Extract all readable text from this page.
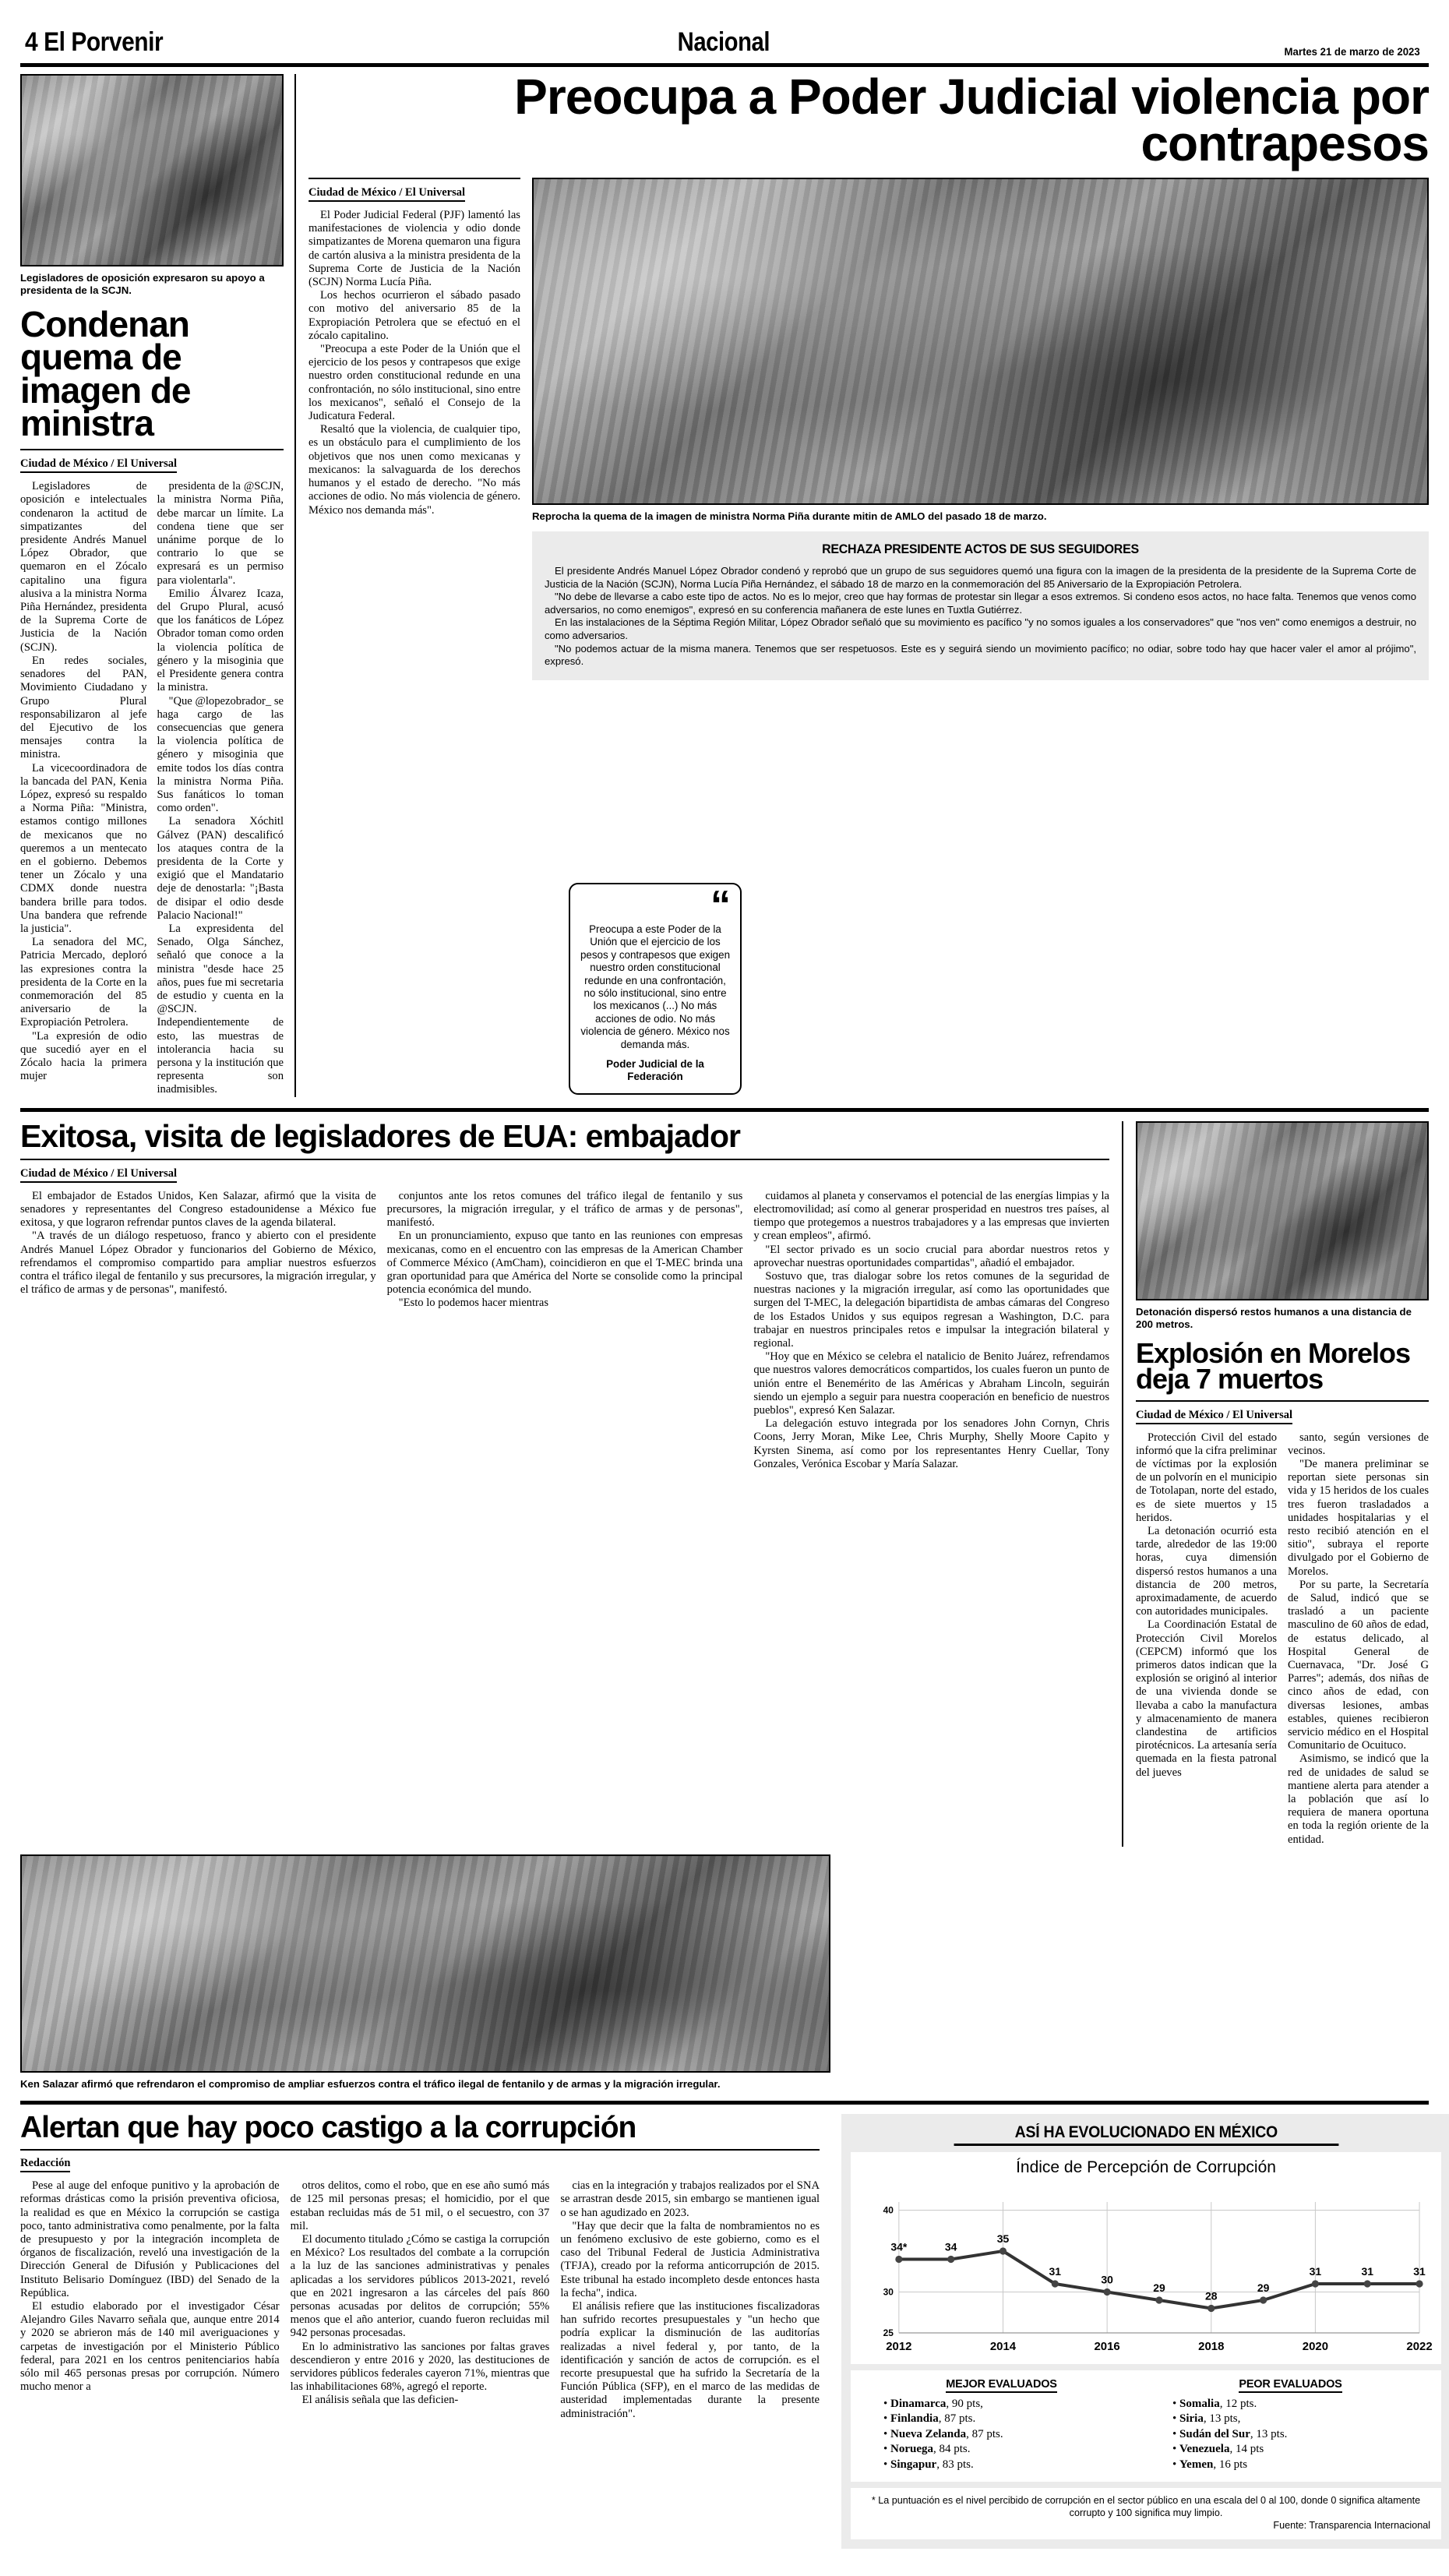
4 El Porvenir	Nacional	Martes 21 de marzo de 2023
Legisladores de oposición expresaron su apoyo a presidenta de la SCJN.
Condenan quema de imagen de ministra
Ciudad de México / El Universal

Legisladores de oposición e intelectuales condenaron la actitud de simpatizantes del presidente Andrés Manuel López Obrador, que quemaron en el Zócalo capitalino una figura alusiva a la ministra Norma Piña Hernández, presidenta de la Suprema Corte de Justicia de la Nación (SCJN).

En redes sociales, senadores del PAN, Movimiento Ciudadano y Grupo Plural responsabilizaron al jefe del Ejecutivo de los mensajes contra la ministra.

La vicecoordinadora de la bancada del PAN, Kenia López, expresó su respaldo a Norma Piña: "Ministra, estamos contigo millones de mexicanos que no queremos a un mentecato en el gobierno. Debemos tener un Zócalo y una CDMX donde nuestra bandera brille para todos. Una bandera que refrende la justicia".

La senadora del MC, Patricia Mercado, deploró las expresiones contra la presidenta de la Corte en la conmemoración del 85 aniversario de la Expropiación Petrolera.

"La expresión de odio que sucedió ayer en el Zócalo hacia la primera mujer

presidenta de la @SCJN, la ministra Norma Piña, debe marcar un límite. La condena tiene que ser unánime porque de lo contrario lo que se expresará es un permiso para violentarla".

Emilio Álvarez Icaza, del Grupo Plural, acusó que los fanáticos de López Obrador toman como orden la violencia política de género y la misoginia que el Presidente genera contra la ministra.

"Que @lopezobrador_ se haga cargo de las consecuencias que genera la violencia política de género y misoginia que emite todos los días contra la ministra Norma Piña. Sus fanáticos lo toman como orden".

La senadora Xóchitl Gálvez (PAN) descalificó los ataques contra de la presidenta de la Corte y exigió que el Mandatario deje de denostarla: "¡Basta de disipar el odio desde Palacio Nacional!"

La expresidenta del Senado, Olga Sánchez, señaló que conoce a la ministra "desde hace 25 años, pues fue mi secretaria de estudio y cuenta en la @SCJN. Independientemente de esto, las muestras de intolerancia hacia su persona y la institución que representa son inadmisibles.

Preocupa a Poder Judicial violencia por contrapesos
Ciudad de México / El Universal

El Poder Judicial Federal (PJF) lamentó las manifestaciones de violencia y odio donde simpatizantes de Morena quemaron una figura de cartón alusiva a la ministra presidenta de la Suprema Corte de Justicia de la Nación (SCJN) Norma Lucía Piña.

Los hechos ocurrieron el sábado pasado con motivo del aniversario 85 de la Expropiación Petrolera que se efectuó en el zócalo capitalino.

"Preocupa a este Poder de la Unión que el ejercicio de los pesos y contrapesos que exige nuestro orden constitucional redunde en una confrontación, no sólo institucional, sino entre los mexicanos", señaló el Consejo de la Judicatura Federal.

Resaltó que la violencia, de cualquier tipo, es un obstáculo para el cumplimiento de los objetivos que nos unen como mexicanas y mexicanos: la salvaguarda de los derechos humanos y el estado de derecho. "No más acciones de odio. No más violencia de género. México nos demanda más".

Reprocha la quema de la imagen de ministra Norma Piña durante mitin de AMLO del pasado 18 de marzo.
RECHAZA PRESIDENTE ACTOS DE SUS SEGUIDORES

El presidente Andrés Manuel López Obrador condenó y reprobó que un grupo de sus seguidores quemó una figura con la imagen de la presidenta de la presidente de la Suprema Corte de Justicia de la Nación (SCJN), Norma Lucía Piña Hernández, el sábado 18 de marzo en la conmemoración del 85 Aniversario de la Expropiación Petrolera.

"No debe de llevarse a cabo este tipo de actos. No es lo mejor, creo que hay formas de protestar sin llegar a esos extremos. Si condeno esos actos, no hace falta. Tenemos que venos como adversarios, no como enemigos", expresó en su conferencia mañanera de este lunes en Tuxtla Gutiérrez.

En las instalaciones de la Séptima Región Militar, López Obrador señaló que su movimiento es pacífico "y no somos iguales a los conservadores" que "nos ven" como enemigos a destruir, no como adversarios.

"No podemos actuar de la misma manera. Tenemos que ser respetuosos. Este es y seguirá siendo un movimiento pacífico; no odiar, sobre todo hay que hacer valer el amor al prójimo", expresó.

“
Preocupa a este Poder de la Unión que el ejercicio de los pesos y contrapesos que exigen nuestro orden constitucional redunde en una confrontación, no sólo institucional, sino entre los mexicanos (...) No más acciones de odio. No más violencia de género. México nos demanda más.
Poder Judicial de la Federación
Exitosa, visita de legisladores de EUA: embajador
Ciudad de México / El Universal

El embajador de Estados Unidos, Ken Salazar, afirmó que la visita de senadores y representantes del Congreso estadounidense a México fue exitosa, y que lograron refrendar puntos claves de la agenda bilateral.

"A través de un diálogo respetuoso, franco y abierto con el presidente Andrés Manuel López Obrador y funcionarios del Gobierno de México, refrendamos el compromiso compartido para ampliar nuestros esfuerzos contra el tráfico ilegal de fentanilo y sus precursores, la migración irregular, y el tráfico de armas y de personas", manifestó.

conjuntos ante los retos comunes del tráfico ilegal de fentanilo y sus precursores, la migración irregular, y el tráfico de armas y de personas", manifestó.

En un pronunciamiento, expuso que tanto en las reuniones con empresas mexicanas, como en el encuentro con las empresas de la American Chamber of Commerce México (AmCham), coincidieron en que el T-MEC brinda una gran oportunidad para que América del Norte se consolide como la principal potencia económica del mundo.

"Esto lo podemos hacer mientras

cuidamos al planeta y conservamos el potencial de las energías limpias y la electromovilidad; así como al generar prosperidad en nuestros tres países, al tiempo que protegemos a nuestros trabajadores y a las empresas que invierten y crean empleos", afirmó.

"El sector privado es un socio crucial para abordar nuestros retos y aprovechar nuestras oportunidades compartidas", añadió el embajador.

Sostuvo que, tras dialogar sobre los retos comunes de la seguridad de nuestras naciones y la migración irregular, así como las oportunidades que surgen del T-MEC, la delegación bipartidista de ambas cámaras del Congreso de los Estados Unidos y sus equipos regresan a Washington, D.C. para trabajar en nuestros principales retos e impulsar la integración bilateral y regional.

"Hoy que en México se celebra el natalicio de Benito Juárez, refrendamos que nuestros valores democráticos compartidos, los cuales fueron un punto de unión entre el Benemérito de las Américas y Abraham Lincoln, seguirán siendo un ejemplo a seguir para nuestra cooperación en beneficio de nuestros pueblos", expresó Ken Salazar.

La delegación estuvo integrada por los senadores John Cornyn, Chris Coons, Jerry Moran, Mike Lee, Chris Murphy, Shelly Moore Capito y Kyrsten Sinema, así como por los representantes Henry Cuellar, Tony Gonzales, Verónica Escobar y María Salazar.

Detonación dispersó restos humanos a una distancia de 200 metros.
Explosión en Morelos deja 7 muertos
Ciudad de México / El Universal

Protección Civil del estado informó que la cifra preliminar de víctimas por la explosión de un polvorín en el municipio de Totolapan, norte del estado, es de siete muertos y 15 heridos.

La detonación ocurrió esta tarde, alrededor de las 19:00 horas, cuya dimensión dispersó restos humanos a una distancia de 200 metros, aproximadamente, de acuerdo con autoridades municipales.

La Coordinación Estatal de Protección Civil Morelos (CEPCM) informó que los primeros datos indican que la explosión se originó al interior de una vivienda donde se llevaba a cabo la manufactura y almacenamiento de manera clandestina de artificios pirotécnicos. La artesanía sería quemada en la fiesta patronal del jueves

santo, según versiones de vecinos.

"De manera preliminar se reportan siete personas sin vida y 15 heridos de los cuales tres fueron trasladados a unidades hospitalarias y el resto recibió atención en el sitio", subraya el reporte divulgado por el Gobierno de Morelos.

Por su parte, la Secretaría de Salud, indicó que se trasladó a un paciente masculino de 60 años de edad, de estatus delicado, al Hospital General de Cuernavaca, "Dr. José G Parres"; además, dos niñas de cinco años de edad, con diversas lesiones, ambas estables, quienes recibieron servicio médico en el Hospital Comunitario de Ocuituco.

Asimismo, se indicó que la red de unidades de salud se mantiene alerta para atender a la población que así lo requiera de manera oportuna en toda la región oriente de la entidad.

Ken Salazar afirmó que refrendaron el compromiso de ampliar esfuerzos contra el tráfico ilegal de fentanilo y de armas y la migración irregular.
Alertan que hay poco castigo a la corrupción
Redacción

Pese al auge del enfoque punitivo y la aprobación de reformas drásticas como la prisión preventiva oficiosa, la realidad es que en México la corrupción se castiga poco, tanto administrativa como penalmente, por la falta de presupuesto y por la integración incompleta de órganos de fiscalización, reveló una investigación de la Dirección General de Difusión y Publicaciones del Instituto Belisario Domínguez (IBD) del Senado de la República.

El estudio elaborado por el investigador César Alejandro Giles Navarro señala que, aunque entre 2014 y 2020 se abrieron más de 140 mil averiguaciones y carpetas de investigación por el Ministerio Público federal, para 2021 en los centros penitenciarios había sólo mil 465 personas presas por corrupción. Número mucho menor a

otros delitos, como el robo, que en ese año sumó más de 125 mil personas presas; el homicidio, por el que estaban recluidas más de 51 mil, o el secuestro, con 37 mil.

El documento titulado ¿Cómo se castiga la corrupción en México? Los resultados del combate a la corrupción a la luz de las sanciones administrativas y penales aplicadas a los servidores públicos 2013-2021, reveló que en 2021 ingresaron a las cárceles del país 860 personas acusadas por delitos de corrupción; 55% menos que el año anterior, cuando fueron recluidas mil 942 personas procesadas.

En lo administrativo las sanciones por faltas graves descendieron y entre 2016 y 2020, las destituciones de servidores públicos federales cayeron 71%, mientras que las inhabilitaciones 68%, agregó el reporte.

El análisis señala que las deficien-

cias en la integración y trabajos realizados por el SNA se arrastran desde 2015, sin embargo se mantienen igual o se han agudizado en 2023.

"Hay que decir que la falta de nombramientos no es un fenómeno exclusivo de este gobierno, como es el caso del Tribunal Federal de Justicia Administrativa (TFJA), creado por la reforma anticorrupción de 2015. Este tribunal ha estado incompleto desde entonces hasta la fecha", indica.

El análisis refiere que las instituciones fiscalizadoras han sufrido recortes presupuestales y "un hecho que podría explicar la disminución de las auditorías realizadas a nivel federal y, por tanto, de la identificación y sanción de actos de corrupción. es el recorte presupuestal que ha sufrido la Secretaría de la Función Pública (SFP), en el marco de las medidas de austeridad implementadas durante la presente administración".

ASÍ HA EVOLUCIONADO EN MÉXICO
Índice de Percepción de Corrupción
25
30
40
2012	2014	2016	2018	2020	2022
34*	34
35
31
30
29
28
29
31	31	31
MEJOR EVALUADOS
• Dinamarca, 90 pts,
• Finlandia, 87 pts.
• Nueva Zelanda, 87 pts.
• Noruega, 84 pts.
• Singapur, 83 pts.
PEOR EVALUADOS
• Somalia, 12 pts.
• Siria, 13 pts,
• Sudán del Sur, 13 pts.
• Venezuela, 14 pts
• Yemen, 16 pts
* La puntuación es el nivel percibido de corrupción en el sector público en una escala del 0 al 100, donde 0 significa altamente corrupto y 100 significa muy limpio.
Fuente: Transparencia Internacional
